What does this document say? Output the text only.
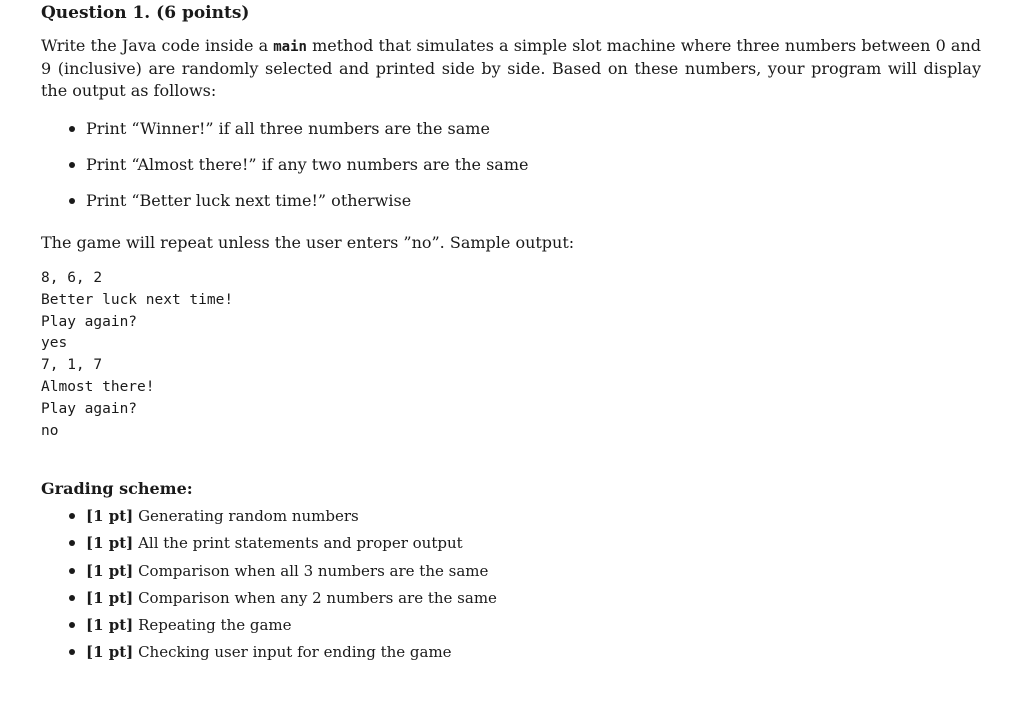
Question 1. (6 points)
Write the Java code inside a main method that simulates a simple slot machine where three numbers between 0 and 9 (inclusive) are randomly selected and printed side by side. Based on these numbers, your program will display the output as follows:
Print “Winner!” if all three numbers are the same
Print “Almost there!” if any two numbers are the same
Print “Better luck next time!” otherwise
The game will repeat unless the user enters ”no”. Sample output:
8, 6, 2
Better luck next time!
Play again?
yes
7, 1, 7
Almost there!
Play again?
no
Grading scheme:
[1 pt] Generating random numbers
[1 pt] All the print statements and proper output
[1 pt] Comparison when all 3 numbers are the same
[1 pt] Comparison when any 2 numbers are the same
[1 pt] Repeating the game
[1 pt] Checking user input for ending the game
